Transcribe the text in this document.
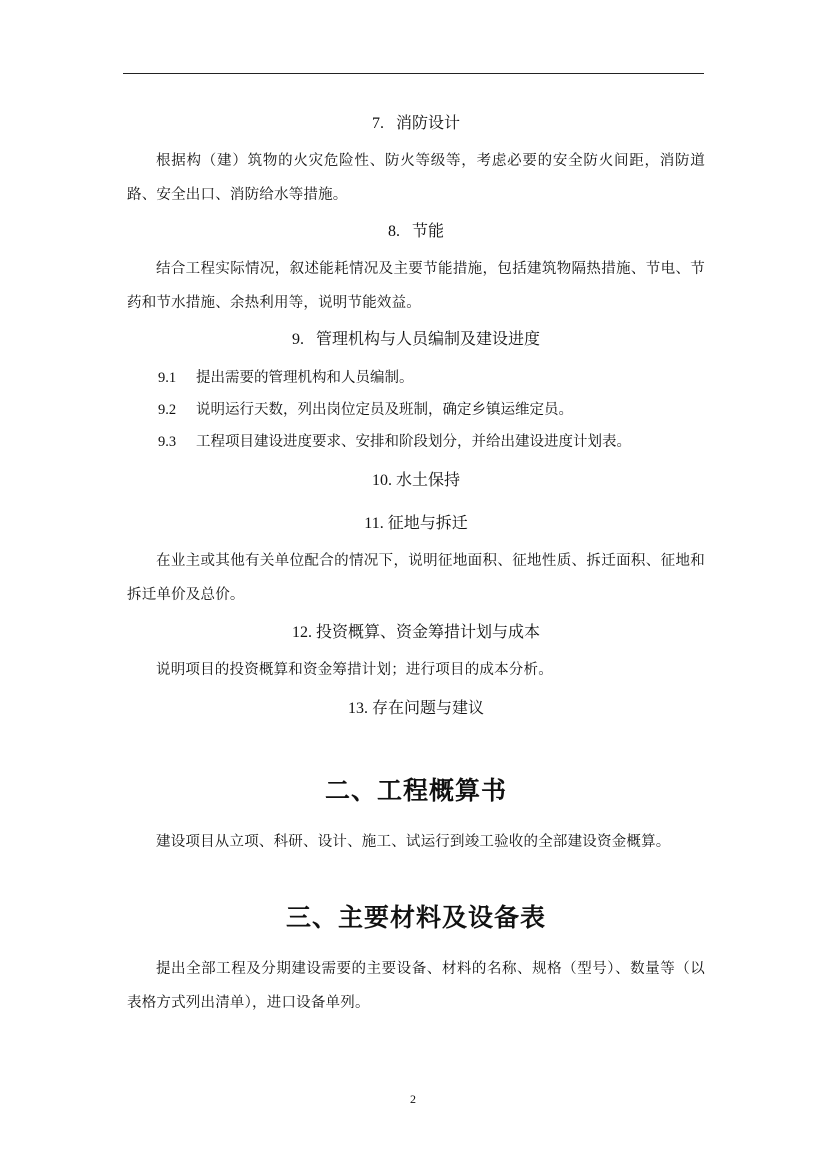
7. 消防设计
根据构（建）筑物的火灾危险性、防火等级等，考虑必要的安全防火间距，消防道路、安全出口、消防给水等措施。
8. 节能
结合工程实际情况，叙述能耗情况及主要节能措施，包括建筑物隔热措施、节电、节药和节水措施、余热利用等，说明节能效益。
9. 管理机构与人员编制及建设进度
9.1 提出需要的管理机构和人员编制。
9.2 说明运行天数，列出岗位定员及班制，确定乡镇运维定员。
9.3 工程项目建设进度要求、安排和阶段划分，并给出建设进度计划表。
10. 水土保持
11. 征地与拆迁
在业主或其他有关单位配合的情况下，说明征地面积、征地性质、拆迁面积、征地和拆迁单价及总价。
12. 投资概算、资金筹措计划与成本
说明项目的投资概算和资金筹措计划；进行项目的成本分析。
13. 存在问题与建议
二、工程概算书
建设项目从立项、科研、设计、施工、试运行到竣工验收的全部建设资金概算。
三、主要材料及设备表
提出全部工程及分期建设需要的主要设备、材料的名称、规格（型号）、数量等（以表格方式列出清单），进口设备单列。
2
